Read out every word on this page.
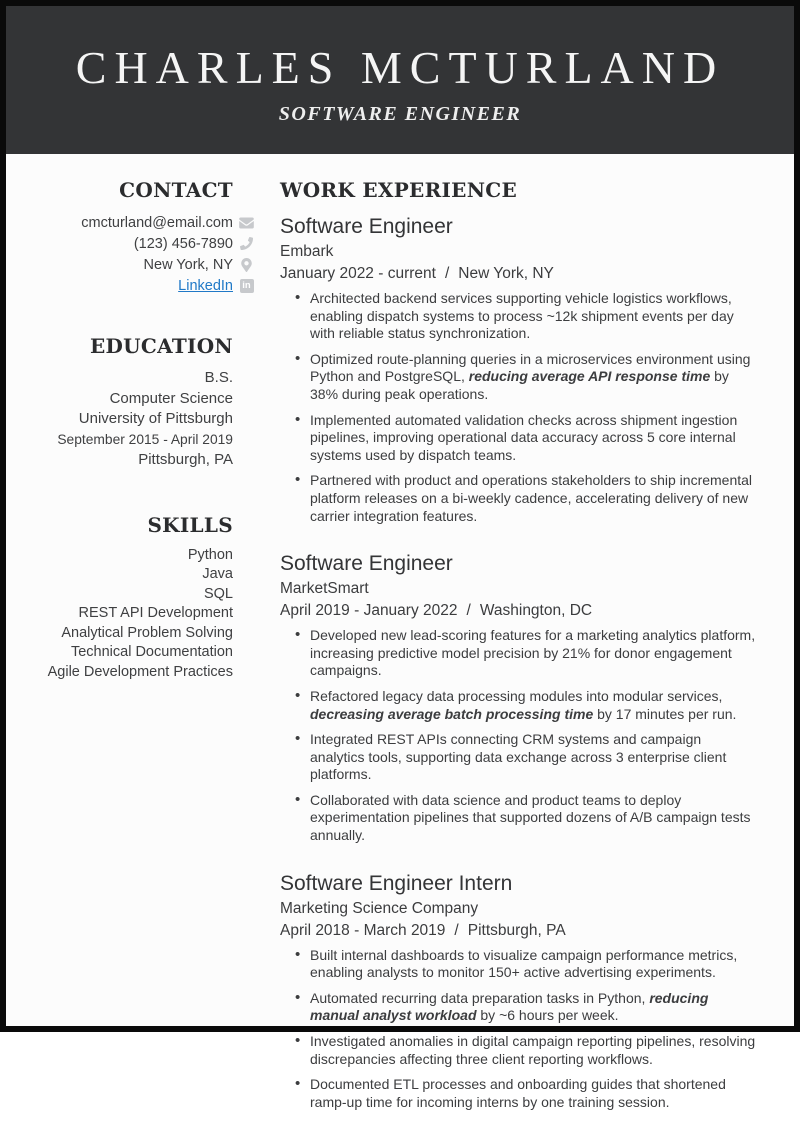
CHARLES MCTURLAND
SOFTWARE ENGINEER
CONTACT
cmcturland@email.com
(123) 456-7890
New York, NY
LinkedIn in
EDUCATION
B.S.
Computer Science
University of Pittsburgh
September 2015 - April 2019
Pittsburgh, PA
SKILLS
Python
Java
SQL
REST API Development
Analytical Problem Solving
Technical Documentation
Agile Development Practices
WORK EXPERIENCE
Software Engineer
Embark
January 2022 - current / New York, NY
• Architected backend services supporting vehicle logistics workflows, enabling dispatch systems to process ~12k shipment events per day with reliable status synchronization.
• Optimized route-planning queries in a microservices environment using Python and PostgreSQL, reducing average API response time by 38% during peak operations.
• Implemented automated validation checks across shipment ingestion pipelines, improving operational data accuracy across 5 core internal systems used by dispatch teams.
• Partnered with product and operations stakeholders to ship incremental platform releases on a bi-weekly cadence, accelerating delivery of new carrier integration features.
Software Engineer
MarketSmart
April 2019 - January 2022 / Washington, DC
• Developed new lead-scoring features for a marketing analytics platform, increasing predictive model precision by 21% for donor engagement campaigns.
• Refactored legacy data processing modules into modular services, decreasing average batch processing time by 17 minutes per run.
• Integrated REST APIs connecting CRM systems and campaign analytics tools, supporting data exchange across 3 enterprise client platforms.
• Collaborated with data science and product teams to deploy experimentation pipelines that supported dozens of A/B campaign tests annually.
Software Engineer Intern
Marketing Science Company
April 2018 - March 2019 / Pittsburgh, PA
• Built internal dashboards to visualize campaign performance metrics, enabling analysts to monitor 150+ active advertising experiments.
• Automated recurring data preparation tasks in Python, reducing manual analyst workload by ~6 hours per week.
• Investigated anomalies in digital campaign reporting pipelines, resolving discrepancies affecting three client reporting workflows.
• Documented ETL processes and onboarding guides that shortened ramp-up time for incoming interns by one training session.
